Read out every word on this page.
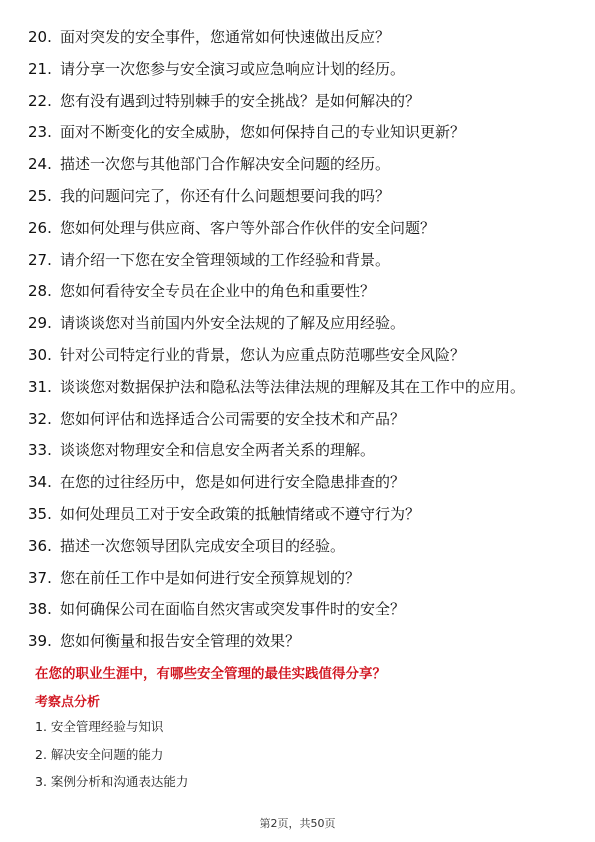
20. 面对突发的安全事件，您通常如何快速做出反应？
21. 请分享一次您参与安全演习或应急响应计划的经历。
22. 您有没有遇到过特别棘手的安全挑战？是如何解决的？
23. 面对不断变化的安全威胁，您如何保持自己的专业知识更新？
24. 描述一次您与其他部门合作解决安全问题的经历。
25. 我的问题问完了，你还有什么问题想要问我的吗？
26. 您如何处理与供应商、客户等外部合作伙伴的安全问题？
27. 请介绍一下您在安全管理领域的工作经验和背景。
28. 您如何看待安全专员在企业中的角色和重要性？
29. 请谈谈您对当前国内外安全法规的了解及应用经验。
30. 针对公司特定行业的背景，您认为应重点防范哪些安全风险？
31. 谈谈您对数据保护法和隐私法等法律法规的理解及其在工作中的应用。
32. 您如何评估和选择适合公司需要的安全技术和产品？
33. 谈谈您对物理安全和信息安全两者关系的理解。
34. 在您的过往经历中，您是如何进行安全隐患排查的？
35. 如何处理员工对于安全政策的抵触情绪或不遵守行为？
36. 描述一次您领导团队完成安全项目的经验。
37. 您在前任工作中是如何进行安全预算规划的？
38. 如何确保公司在面临自然灾害或突发事件时的安全？
39. 您如何衡量和报告安全管理的效果？
在您的职业生涯中，有哪些安全管理的最佳实践值得分享？
考察点分析
1. 安全管理经验与知识
2. 解决安全问题的能力
3. 案例分析和沟通表达能力
第2页，共50页
